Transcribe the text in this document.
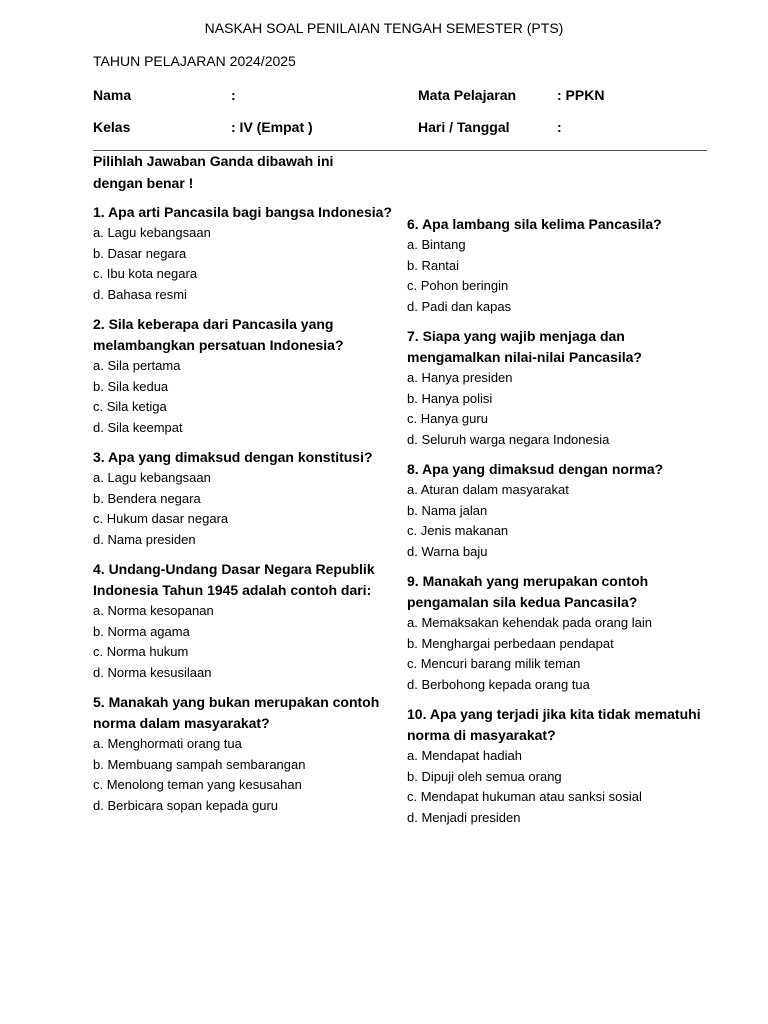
NASKAH SOAL PENILAIAN TENGAH SEMESTER (PTS)
TAHUN PELAJARAN 2024/2025
Nama	:	Mata Pelajaran	: PPKN
Kelas	: IV (Empat )	Hari / Tanggal	:
Pilihlah Jawaban Ganda dibawah ini dengan benar !
1. Apa arti Pancasila bagi bangsa Indonesia?
a. Lagu kebangsaan
b. Dasar negara
c. Ibu kota negara
d. Bahasa resmi
2. Sila keberapa dari Pancasila yang melambangkan persatuan Indonesia?
a. Sila pertama
b. Sila kedua
c. Sila ketiga
d. Sila keempat
3. Apa yang dimaksud dengan konstitusi?
a. Lagu kebangsaan
b. Bendera negara
c. Hukum dasar negara
d. Nama presiden
4. Undang-Undang Dasar Negara Republik Indonesia Tahun 1945 adalah contoh dari:
a. Norma kesopanan
b. Norma agama
c. Norma hukum
d. Norma kesusilaan
5. Manakah yang bukan merupakan contoh norma dalam masyarakat?
a. Menghormati orang tua
b. Membuang sampah sembarangan
c. Menolong teman yang kesusahan
d. Berbicara sopan kepada guru
6. Apa lambang sila kelima Pancasila?
a. Bintang
b. Rantai
c. Pohon beringin
d. Padi dan kapas
7. Siapa yang wajib menjaga dan mengamalkan nilai-nilai Pancasila?
a. Hanya presiden
b. Hanya polisi
c. Hanya guru
d. Seluruh warga negara Indonesia
8. Apa yang dimaksud dengan norma?
a. Aturan dalam masyarakat
b. Nama jalan
c. Jenis makanan
d. Warna baju
9. Manakah yang merupakan contoh pengamalan sila kedua Pancasila?
a. Memaksakan kehendak pada orang lain
b. Menghargai perbedaan pendapat
c. Mencuri barang milik teman
d. Berbohong kepada orang tua
10. Apa yang terjadi jika kita tidak mematuhi norma di masyarakat?
a. Mendapat hadiah
b. Dipuji oleh semua orang
c. Mendapat hukuman atau sanksi sosial
d. Menjadi presiden
